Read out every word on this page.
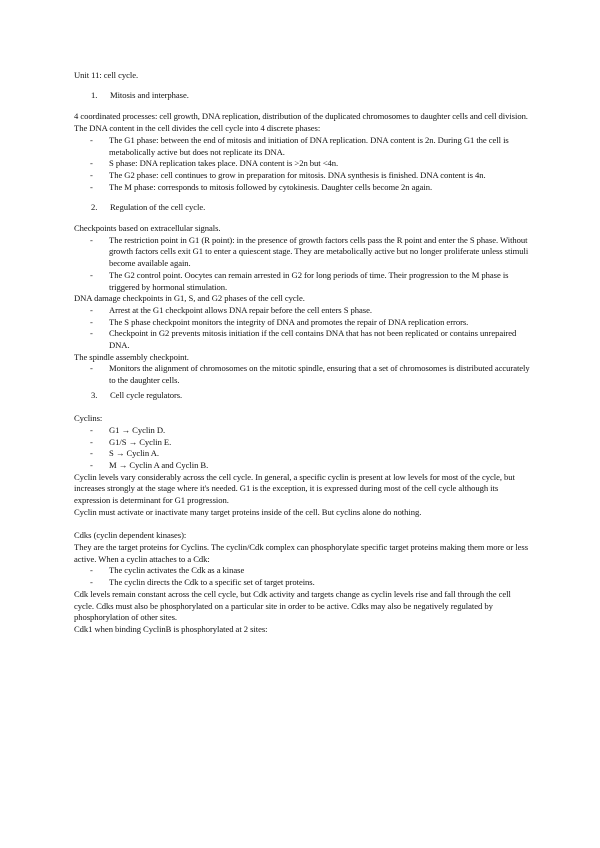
Unit 11: cell cycle.

1.	Mitosis and interphase.

4 coordinated processes: cell growth, DNA replication, distribution of the duplicated chromosomes to daughter cells and cell division.

The DNA content in the cell divides the cell cycle into 4 discrete phases:

-	The G1 phase: between the end of mitosis and initiation of DNA replication. DNA content is 2n. During G1 the cell is metabolically active but does not replicate its DNA.
-	S phase: DNA replication takes place. DNA content is >2n but <4n.
-	The G2 phase: cell continues to grow in preparation for mitosis. DNA synthesis is finished. DNA content is 4n.
-	The M phase: corresponds to mitosis followed by cytokinesis. Daughter cells become 2n again.
2.	Regulation of the cell cycle.

Checkpoints based on extracellular signals.

-	The restriction point in G1 (R point): in the presence of growth factors cells pass the R point and enter the S phase. Without growth factors cells exit G1 to enter a quiescent stage. They are metabolically active but no longer proliferate unless stimuli become available again.
-	The G2 control point. Oocytes can remain arrested in G2 for long periods of time. Their progression to the M phase is triggered by hormonal stimulation.

DNA damage checkpoints in G1, S, and G2 phases of the cell cycle.

-	Arrest at the G1 checkpoint allows DNA repair before the cell enters S phase.
-	The S phase checkpoint monitors the integrity of DNA and promotes the repair of DNA replication errors.
-	Checkpoint in G2 prevents mitosis initiation if the cell contains DNA that has not been replicated or contains unrepaired DNA.

The spindle assembly checkpoint.

-	Monitors the alignment of chromosomes on the mitotic spindle, ensuring that a set of chromosomes is distributed accurately to the daughter cells.
3.	Cell cycle regulators.

Cyclins:

-	G1 → Cyclin D.
-	G1/S → Cyclin E.
-	S → Cyclin A.
-	M → Cyclin A and Cyclin B.

Cyclin levels vary considerably across the cell cycle. In general, a specific cyclin is present at low levels for most of the cycle, but increases strongly at the stage where it's needed. G1 is the exception, it is expressed during most of the cell cycle although its expression is determinant for G1 progression.

Cyclin must activate or inactivate many target proteins inside of the cell. But cyclins alone do nothing.

Cdks (cyclin dependent kinases):

They are the target proteins for Cyclins. The cyclin/Cdk complex can phosphorylate specific target proteins making them more or less active. When a cyclin attaches to a Cdk:

-	The cyclin activates the Cdk as a kinase
-	The cyclin directs the Cdk to a specific set of target proteins.

Cdk levels remain constant across the cell cycle, but Cdk activity and targets change as cyclin levels rise and fall through the cell cycle. Cdks must also be phosphorylated on a particular site in order to be active. Cdks may also be negatively regulated by phosphorylation of other sites.

Cdk1 when binding CyclinB is phosphorylated at 2 sites:
